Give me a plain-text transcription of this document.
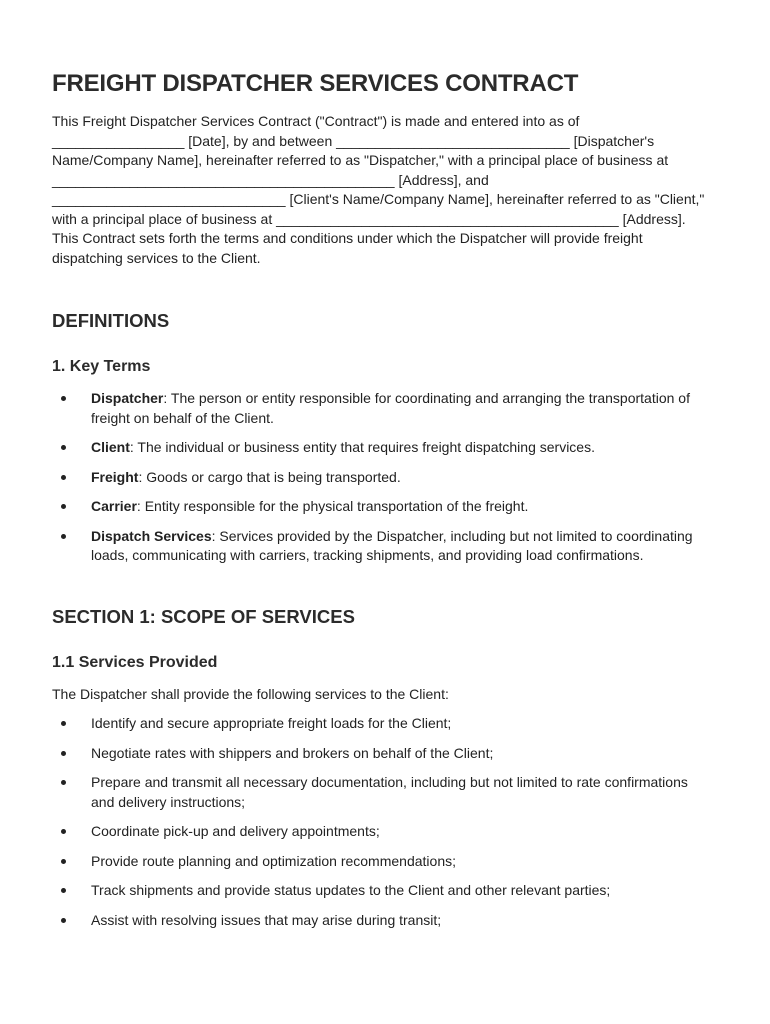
FREIGHT DISPATCHER SERVICES CONTRACT

This Freight Dispatcher Services Contract ("Contract") is made and entered into as of _________________ [Date], by and between ______________________________ [Dispatcher's Name/Company Name], hereinafter referred to as "Dispatcher," with a principal place of business at ____________________________________________ [Address], and ______________________________ [Client's Name/Company Name], hereinafter referred to as "Client," with a principal place of business at ____________________________________________ [Address]. This Contract sets forth the terms and conditions under which the Dispatcher will provide freight dispatching services to the Client.

DEFINITIONS
1. Key Terms
Dispatcher: The person or entity responsible for coordinating and arranging the transportation of freight on behalf of the Client.
Client: The individual or business entity that requires freight dispatching services.
Freight: Goods or cargo that is being transported.
Carrier: Entity responsible for the physical transportation of the freight.
Dispatch Services: Services provided by the Dispatcher, including but not limited to coordinating loads, communicating with carriers, tracking shipments, and providing load confirmations.
SECTION 1: SCOPE OF SERVICES
1.1 Services Provided

The Dispatcher shall provide the following services to the Client:

Identify and secure appropriate freight loads for the Client;
Negotiate rates with shippers and brokers on behalf of the Client;
Prepare and transmit all necessary documentation, including but not limited to rate confirmations and delivery instructions;
Coordinate pick-up and delivery appointments;
Provide route planning and optimization recommendations;
Track shipments and provide status updates to the Client and other relevant parties;
Assist with resolving issues that may arise during transit;
